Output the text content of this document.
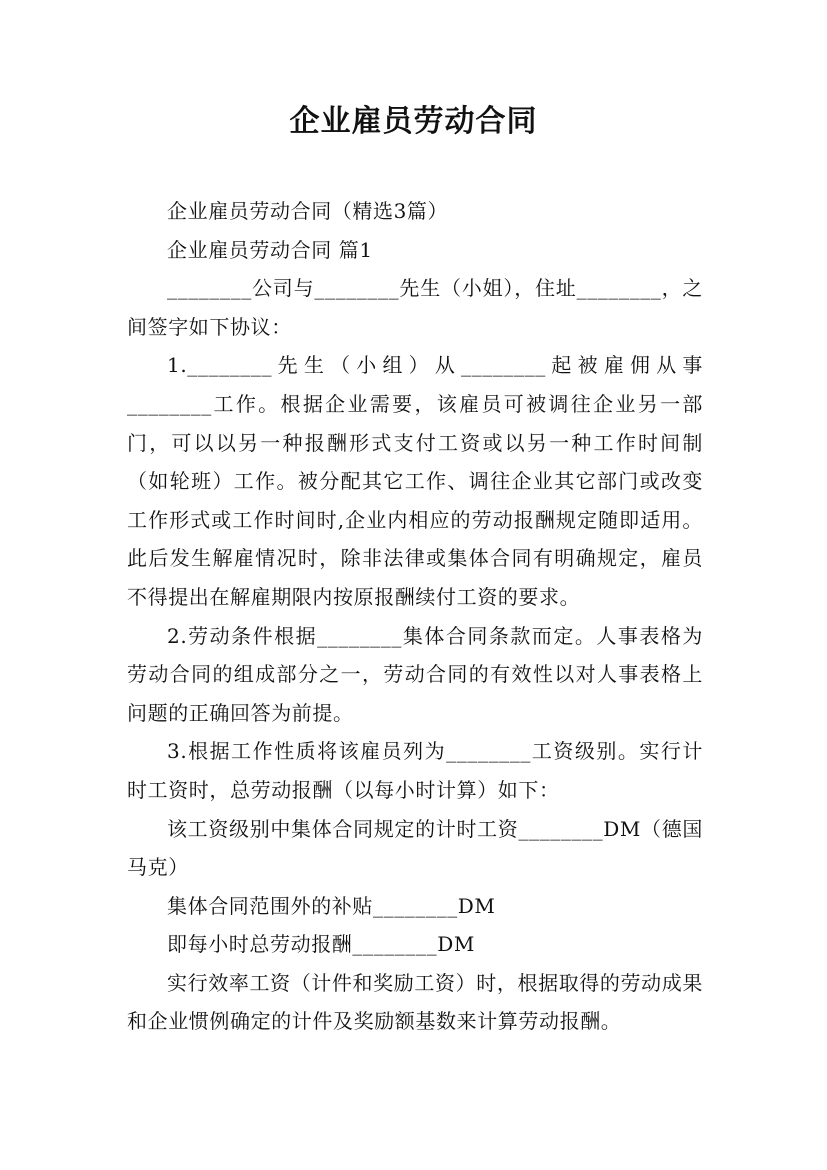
企业雇员劳动合同

企业雇员劳动合同（精选3篇）

企业雇员劳动合同 篇1

________公司与________先生（小姐），住址________，之间签字如下协议：

1.________先生（小组）从________起被雇佣从事________工作。根据企业需要，该雇员可被调往企业另一部门，可以以另一种报酬形式支付工资或以另一种工作时间制（如轮班）工作。被分配其它工作、调往企业其它部门或改变工作形式或工作时间时,企业内相应的劳动报酬规定随即适用。此后发生解雇情况时，除非法律或集体合同有明确规定，雇员不得提出在解雇期限内按原报酬续付工资的要求。

2.劳动条件根据________集体合同条款而定。人事表格为劳动合同的组成部分之一，劳动合同的有效性以对人事表格上问题的正确回答为前提。

3.根据工作性质将该雇员列为________工资级别。实行计时工资时，总劳动报酬（以每小时计算）如下：

该工资级别中集体合同规定的计时工资________DM（德国马克）

集体合同范围外的补贴________DM

即每小时总劳动报酬________DM

实行效率工资（计件和奖励工资）时，根据取得的劳动成果和企业惯例确定的计件及奖励额基数来计算劳动报酬。
